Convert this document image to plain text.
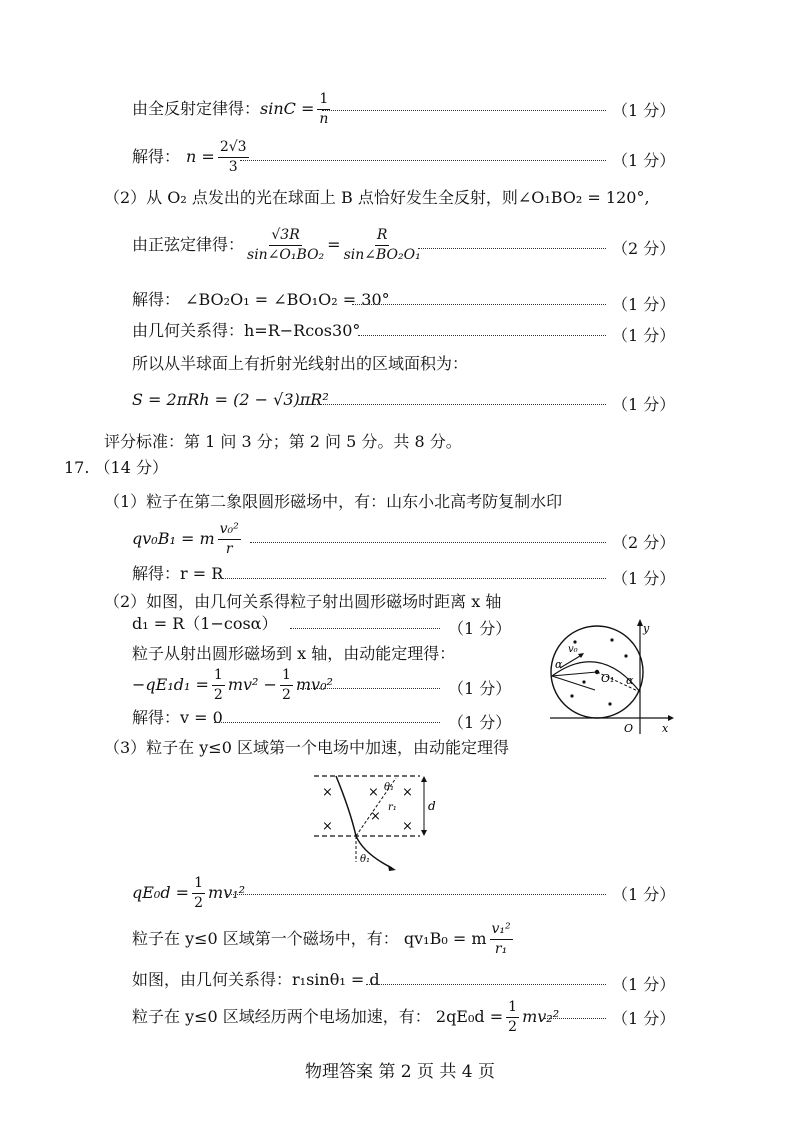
由全反射定律得： $\sin C = \frac{1}{n}$	（1 分）
解得： $n = \frac{2√3}{3}$	（1 分）
（2）从 O₂ 点发出的光在球面上 B 点恰好发生全反射，则∠O₁BO₂ = 120°,
由正弦定律得： $\frac{√3R}{\text{sin∠O₁BO₂}} = \frac{R}{\text{sin∠BO₂O₁}}$	（2 分）
解得： ∠BO₂O₁ = ∠BO₁O₂ = 30°	（1 分）
由几何关系得：h=R−Rcos30°	（1 分）
所以从半球面上有折射光线射出的区域面积为：
S = 2πRh = (2 − √3)πR²	（1 分）
评分标准：第 1 问 3 分；第 2 问 5 分。共 8 分。
17. （14 分）
（1）粒子在第二象限圆形磁场中，有：山东小北高考防复制水印
qv₀B₁ = m $\frac{\text{v₀²}}{r}$	（2 分）
解得：r = R	（1 分）
（2）如图，由几何关系得粒子射出圆形磁场时距离 x 轴
d₁ = R（1−cosα）	（1 分）
粒子从射出圆形磁场到 x 轴，由动能定理得：
$-qE_1d_1 = \frac{1}{2} mv^2 - \frac{1}{2} mv_0^2$	（1 分）
解得：v = 0	（1 分）
y
x
O
O₁
v₀
α
α
（3）粒子在 y≤0 区域第一个电场中加速，由动能定理得
×
×
× ×
×
×
θ₁
r₁	d
θ₁
$qE_0d = \frac{1}{2} mv_1^2$	（1 分）
粒子在 y≤0 区域第一个磁场中，有： qv₁B₀ = m $\frac{\text{v₁²}}{\text{r₁}}$
如图，由几何关系得：r₁sinθ₁ = d	（1 分）
粒子在 y≤0 区域经历两个电场加速，有： $2qE_0d = \frac{1}{2} mv_2^2$	（1 分）
物理答案 第 2 页 共 4 页
